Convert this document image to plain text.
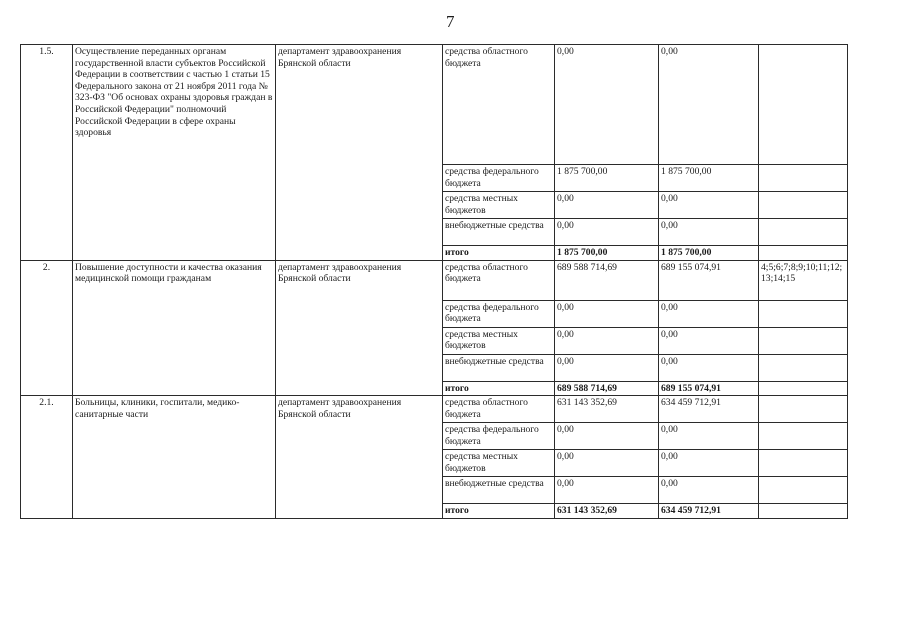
7
1.5.	Осуществление переданных органам государственной власти субъектов Российской Федерации в соответствии с частью 1 статьи 15 Федерального закона от 21 ноября 2011 года № 323-ФЗ "Об основах охраны здоровья граждан в Российской Федерации" полномочий Российской Федерации в сфере охраны здоровья	департамент здравоохранения Брянской области	средства областного бюджета	0,00	0,00	
			средства федерального бюджета	1 875 700,00	1 875 700,00	
			средства местных бюджетов	0,00	0,00	
			внебюджетные средства	0,00	0,00	
			итого	1 875 700,00	1 875 700,00	
2.	Повышение доступности и качества оказания медицинской помощи гражданам	департамент здравоохранения Брянской области	средства областного бюджета	689 588 714,69	689 155 074,91	4;5;6;7;8;9;10;11;12;13;14;15
			средства федерального бюджета	0,00	0,00	
			средства местных бюджетов	0,00	0,00	
			внебюджетные средства	0,00	0,00	
			итого	689 588 714,69	689 155 074,91	
2.1.	Больницы, клиники, госпитали, медико-санитарные части	департамент здравоохранения Брянской области	средства областного бюджета	631 143 352,69	634 459 712,91	
			средства федерального бюджета	0,00	0,00	
			средства местных бюджетов	0,00	0,00	
			внебюджетные средства	0,00	0,00	
			итого	631 143 352,69	634 459 712,91	
